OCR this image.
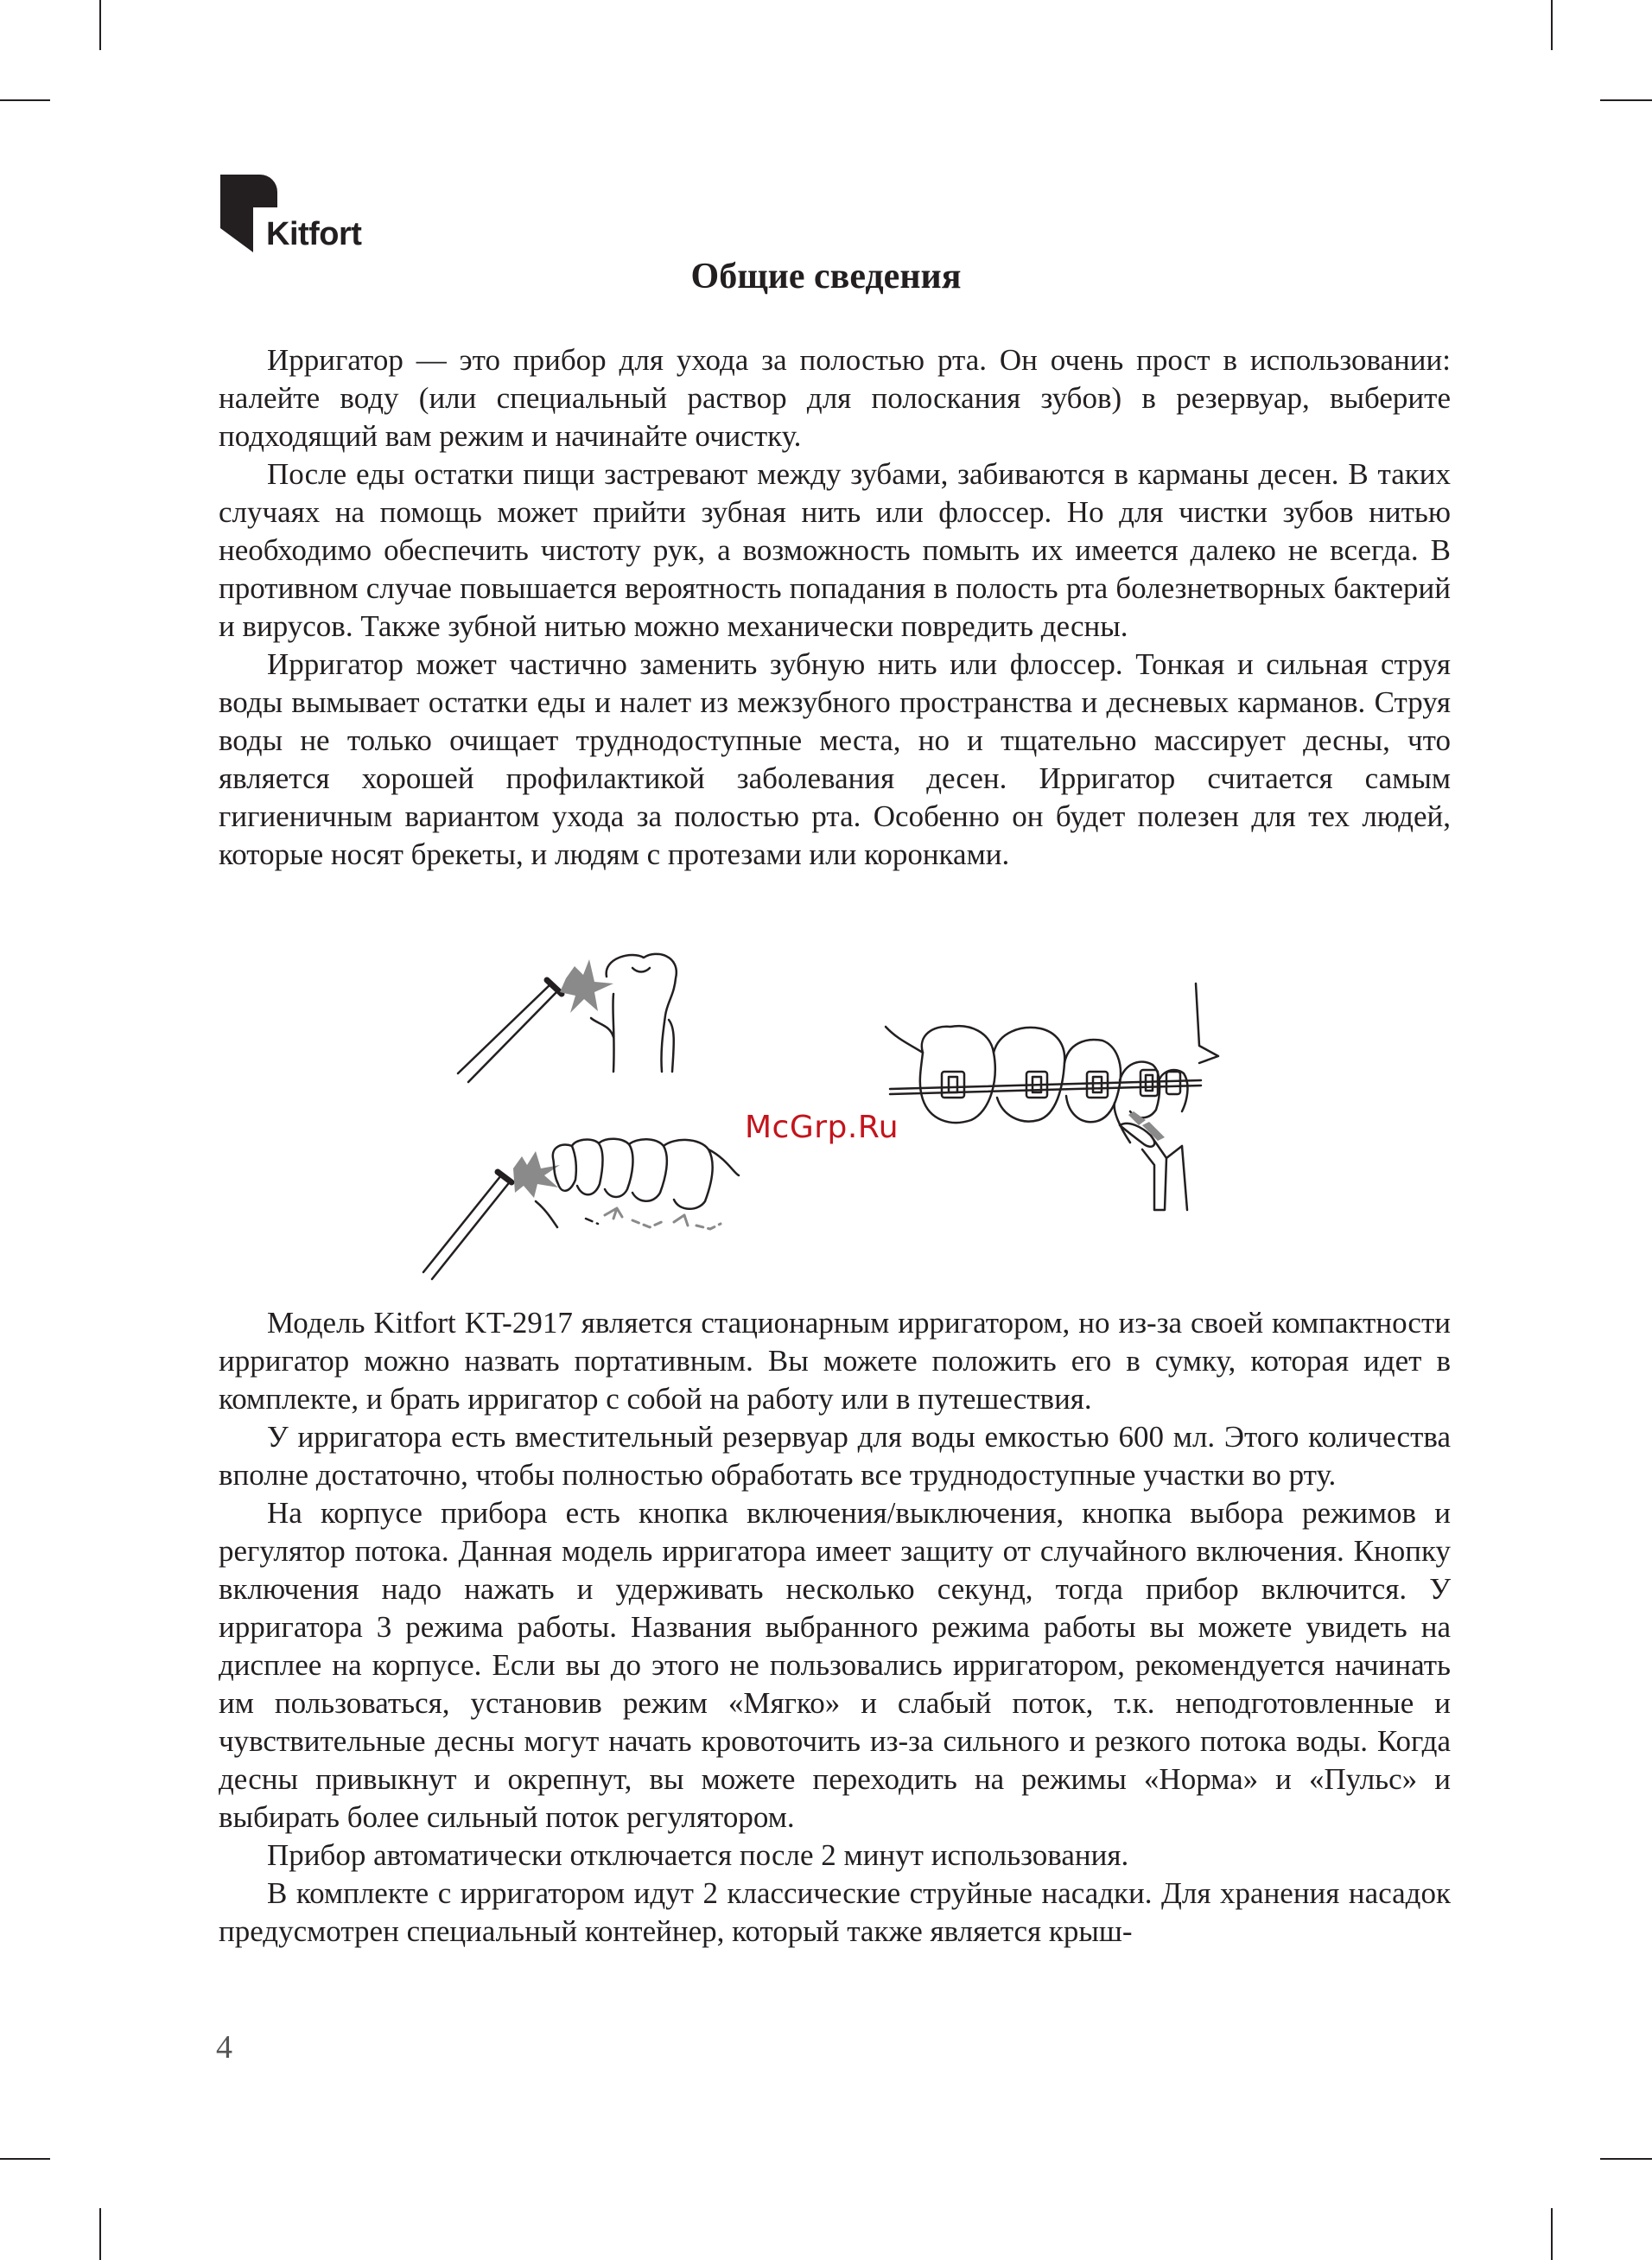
Kitfort
Общие сведения

Ирригатор — это прибор для ухода за полостью рта. Он очень прост в использовании: налейте воду (или специальный раствор для полоскания зубов) в резервуар, выберите подходящий вам режим и начинайте очистку.

После еды остатки пищи застревают между зубами, забиваются в карманы десен. В таких случаях на помощь может прийти зубная нить или флоссер. Но для чистки зубов нитью необходимо обеспечить чистоту рук, а возможность помыть их имеется далеко не всегда. В противном случае повышается вероятность попадания в полость рта болезнетворных бактерий и вирусов. Также зубной нитью можно механически повредить десны.

Ирригатор может частично заменить зубную нить или флоссер. Тонкая и сильная струя воды вымывает остатки еды и налет из межзубного пространства и десневых карманов. Струя воды не только очищает труднодоступные места, но и тщательно массирует десны, что является хорошей профилактикой заболевания десен. Ирригатор считается самым гигиеничным вариантом ухода за полостью рта. Особенно он будет полезен для тех людей, которые носят брекеты, и людям с протезами или коронками.

McGrp.Ru

Модель Kitfort KT-2917 является стационарным ирригатором, но из-за своей компактности ирригатор можно назвать портативным. Вы можете положить его в сумку, которая идет в комплекте, и брать ирригатор с собой на работу или в путешествия.

У ирригатора есть вместительный резервуар для воды емкостью 600 мл. Этого количества вполне достаточно, чтобы полностью обработать все труднодоступные участки во рту.

На корпусе прибора есть кнопка включения/выключения, кнопка выбора режимов и регулятор потока. Данная модель ирригатора имеет защиту от случайного включения. Кнопку включения надо нажать и удерживать несколько секунд, тогда прибор включится. У ирригатора 3 режима работы. Названия выбранного режима работы вы можете увидеть на дисплее на корпусе. Если вы до этого не пользовались ирригатором, рекомендуется начинать им пользоваться, установив режим «Мягко» и слабый поток, т.к. неподготовленные и чувствительные десны могут начать кровоточить из-за сильного и резкого потока воды. Когда десны привыкнут и окрепнут, вы можете переходить на режимы «Норма» и «Пульс» и выбирать более сильный поток регулятором.

Прибор автоматически отключается после 2 минут использования.

В комплекте с ирригатором идут 2 классические струйные насадки. Для хранения насадок предусмотрен специальный контейнер, который также является крыш-

4
